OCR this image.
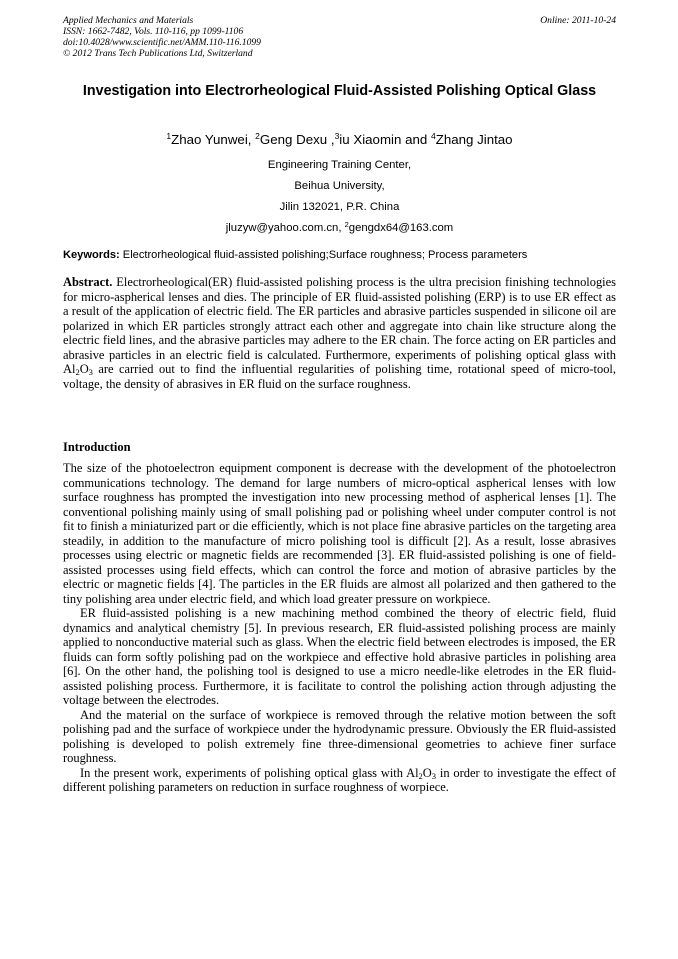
Applied Mechanics and Materials
ISSN: 1662-7482, Vols. 110-116, pp 1099-1106
doi:10.4028/www.scientific.net/AMM.110-116.1099
© 2012 Trans Tech Publications Ltd, Switzerland
Online: 2011-10-24
Investigation into Electrorheological Fluid-Assisted Polishing Optical Glass
$^1$Zhao Yunwei, $^2$Geng Dexu ,$^3$iu Xiaomin and $^4$Zhang Jintao
Engineering Training Center,
Beihua University,
Jilin 132021, P.R. China
jluzyw@yahoo.com.cn, $^2$gengdx64@163.com
Keywords: Electrorheological fluid-assisted polishing;Surface roughness; Process parameters
Abstract. Electrorheological(ER) fluid-assisted polishing process is the ultra precision finishing technologies for micro-aspherical lenses and dies. The principle of ER fluid-assisted polishing (ERP) is to use ER effect as a result of the application of electric field. The ER particles and abrasive particles suspended in silicone oil are polarized in which ER particles strongly attract each other and aggregate into chain like structure along the electric field lines, and the abrasive particles may adhere to the ER chain. The force acting on ER particles and abrasive particles in an electric field is calculated. Furthermore, experiments of polishing optical glass with $Al_2O_3$ are carried out to find the influential regularities of polishing time, rotational speed of micro-tool, voltage, the density of abrasives in ER fluid on the surface roughness.
Introduction

The size of the photoelectron equipment component is decrease with the development of the photoelectron communications technology. The demand for large numbers of micro-optical aspherical lenses with low surface roughness has prompted the investigation into new processing method of aspherical lenses [1]. The conventional polishing mainly using of small polishing pad or polishing wheel under computer control is not fit to finish a miniaturized part or die efficiently, which is not place fine abrasive particles on the targeting area steadily, in addition to the manufacture of micro polishing tool is difficult [2]. As a result, losse abrasives processes using electric or magnetic fields are recommended [3]. ER fluid-assisted polishing is one of field-assisted processes using field effects, which can control the force and motion of abrasive particles by the electric or magnetic fields [4]. The particles in the ER fluids are almost all polarized and then gathered to the tiny polishing area under electric field, and which load greater pressure on workpiece.

ER fluid-assisted polishing is a new machining method combined the theory of electric field, fluid dynamics and analytical chemistry [5]. In previous research, ER fluid-assisted polishing process are mainly applied to nonconductive material such as glass. When the electric field between electrodes is imposed, the ER fluids can form softly polishing pad on the workpiece and effective hold abrasive particles in polishing area [6]. On the other hand, the polishing tool is designed to use a micro needle-like eletrodes in the ER fluid-assisted polishing process. Furthermore, it is facilitate to control the polishing action through adjusting the voltage between the electrodes.

And the material on the surface of workpiece is removed through the relative motion between the soft polishing pad and the surface of workpiece under the hydrodynamic pressure. Obviously the ER fluid-assisted polishing is developed to polish extremely fine three-dimensional geometries to achieve finer surface roughness.

In the present work, experiments of polishing optical glass with $Al_2O_3$ in order to investigate the effect of different polishing parameters on reduction in surface roughness of worpiece.
